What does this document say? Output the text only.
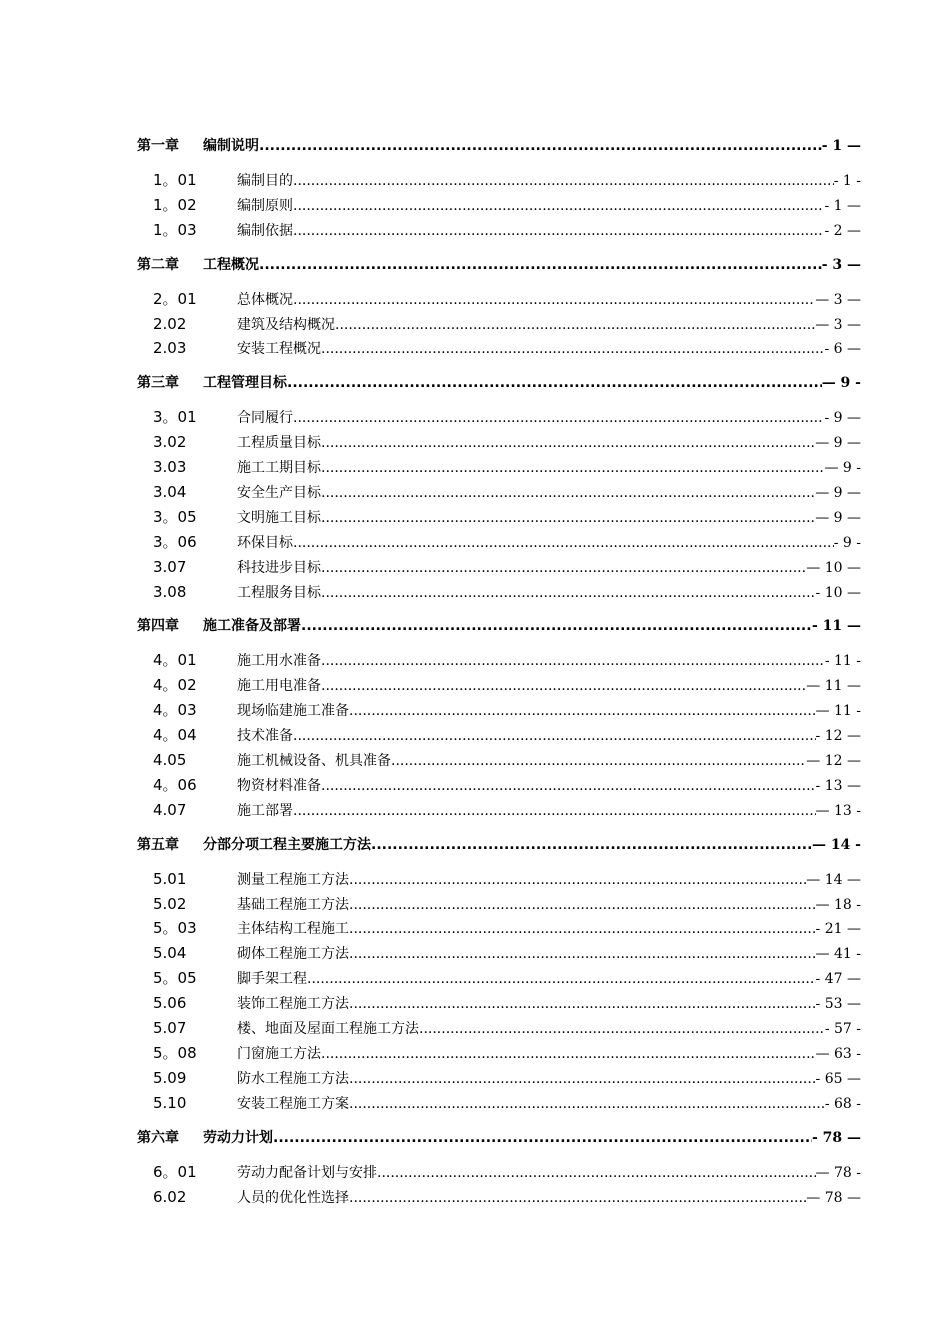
第一章	编制说明 .....	- 1 —
1。01	编制目的 .....	- 1 -
1。02	编制原则 .....	- 1 —
1。03	编制依据 .....	- 2 —
第二章	工程概况 .....	- 3 —
2。01	总体概况 .....	— 3 —
2.02	建筑及结构概况 .....	— 3 —
2.03	安装工程概况 .....	- 6 —
第三章	工程管理目标 .....	— 9 -
3。01	合同履行 .....	- 9 —
3.02	工程质量目标 .....	— 9 —
3.03	施工工期目标 .....	— 9 -
3.04	安全生产目标 .....	— 9 —
3。05	文明施工目标 .....	— 9 —
3。06	环保目标 .....	- 9 -
3.07	科技进步目标 .....	— 10 —
3.08	工程服务目标 .....	- 10 —
第四章	施工准备及部署 .....	- 11 —
4。01	施工用水准备 .....	- 11 -
4。02	施工用电准备 .....	— 11 —
4。03	现场临建施工准备 .....	— 11 -
4。04	技术准备 .....	- 12 —
4.05	施工机械设备、机具准备 .....	— 12 —
4。06	物资材料准备 .....	- 13 —
4.07	施工部署 .....	— 13 -
第五章	分部分项工程主要施工方法 .....	— 14 -
5.01	测量工程施工方法 .....	— 14 —
5.02	基础工程施工方法 .....	— 18 -
5。03	主体结构工程施工 .....	- 21 —
5.04	砌体工程施工方法 .....	— 41 -
5。05	脚手架工程 .....	- 47 —
5.06	装饰工程施工方法 .....	- 53 —
5.07	楼、地面及屋面工程施工方法 .....	- 57 -
5。08	门窗施工方法 .....	— 63 -
5.09	防水工程施工方法 .....	- 65 —
5.10	安装工程施工方案 .....	- 68 -
第六章	劳动力计划 .....	- 78 —
6。01	劳动力配备计划与安排 .....	— 78 -
6.02	人员的优化性选择 .....	— 78 —
